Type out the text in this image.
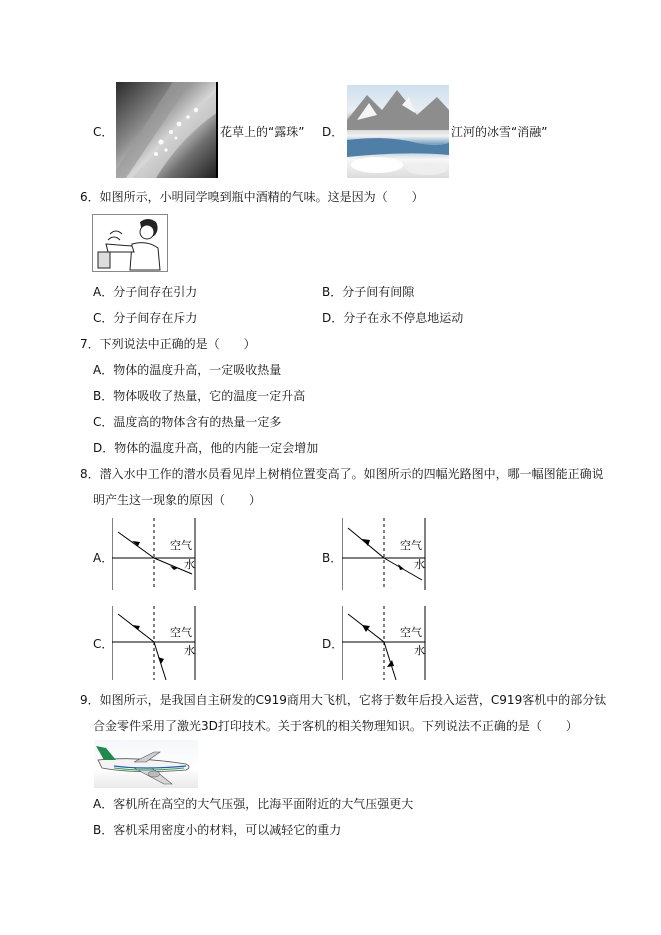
C．	花草上的“露珠” D．	江河的冰雪“消融”
6．如图所示，小明同学嗅到瓶中酒精的气味。这是因为（　　）
A．分子间存在引力	B．分子间有间隙
C．分子间存在斥力	D．分子在永不停息地运动
7．下列说法中正确的是（　　）
A．物体的温度升高，一定吸收热量
B．物体吸收了热量，它的温度一定升高
C．温度高的物体含有的热量一定多
D．物体的温度升高，他的内能一定会增加
8．潜入水中工作的潜水员看见岸上树梢位置变高了。如图所示的四幅光路图中，哪一幅图能正确说
明产生这一现象的原因（　　）
A．
空气
水	B．
空气
水
C．
空气
水	D．
空气
水
9．如图所示，是我国自主研发的C919商用大飞机，它将于数年后投入运营，C919客机中的部分钛
合金零件采用了激光3D打印技术。关于客机的相关物理知识。下列说法不正确的是（　　）
A．客机所在高空的大气压强，比海平面附近的大气压强更大
B．客机采用密度小的材料，可以减轻它的重力
